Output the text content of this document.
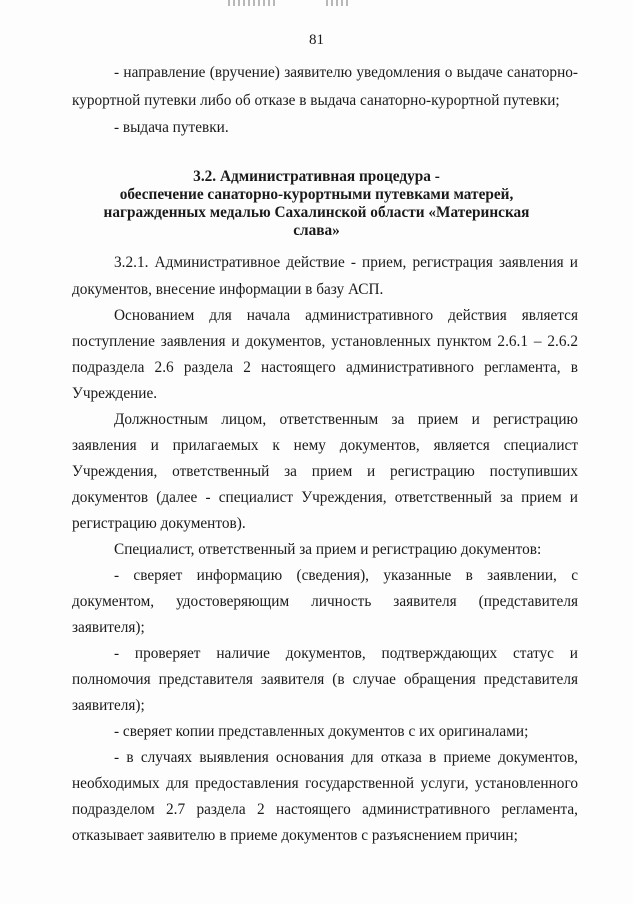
81
- направление (вручение) заявителю уведомления о выдаче санаторно-
курортной путевки либо об отказе в выдача санаторно-курортной путевки;
- выдача путевки.
3.2. Административная процедура -
обеспечение санаторно-курортными путевками матерей,
награжденных медалью Сахалинской области «Материнская
слава»
3.2.1. Административное действие - прием, регистрация заявления и
документов, внесение информации в базу АСП.
Основанием для начала административного действия является
поступление заявления и документов, установленных пунктом 2.6.1 – 2.6.2
подраздела 2.6 раздела 2 настоящего административного регламента, в
Учреждение.
Должностным лицом, ответственным за прием и регистрацию
заявления и прилагаемых к нему документов, является специалист
Учреждения, ответственный за прием и регистрацию поступивших
документов (далее - специалист Учреждения, ответственный за прием и
регистрацию документов).
Специалист, ответственный за прием и регистрацию документов:
- сверяет информацию (сведения), указанные в заявлении, с
документом, удостоверяющим личность заявителя (представителя
заявителя);
- проверяет наличие документов, подтверждающих статус и
полномочия представителя заявителя (в случае обращения представителя
заявителя);
- сверяет копии представленных документов с их оригиналами;
- в случаях выявления основания для отказа в приеме документов,
необходимых для предоставления государственной услуги, установленного
подразделом 2.7 раздела 2 настоящего административного регламента,
отказывает заявителю в приеме документов с разъяснением причин;
